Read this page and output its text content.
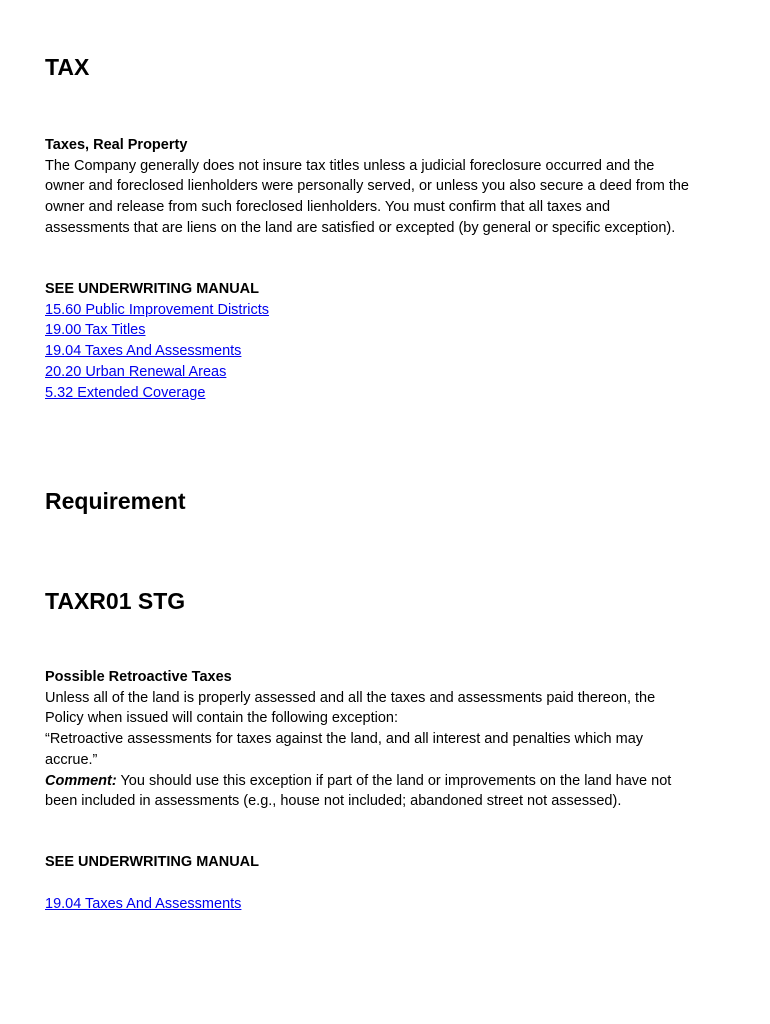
TAX
Taxes, Real Property
The Company generally does not insure tax titles unless a judicial foreclosure occurred and the
owner and foreclosed lienholders were personally served, or unless you also secure a deed from the
owner and release from such foreclosed lienholders. You must confirm that all taxes and
assessments that are liens on the land are satisfied or excepted (by general or specific exception).
SEE UNDERWRITING MANUAL
15.60 Public Improvement Districts
19.00 Tax Titles
19.04 Taxes And Assessments
20.20 Urban Renewal Areas
5.32 Extended Coverage
Requirement
TAXR01 STG
Possible Retroactive Taxes
Unless all of the land is properly assessed and all the taxes and assessments paid thereon, the
Policy when issued will contain the following exception:
“Retroactive assessments for taxes against the land, and all interest and penalties which may
accrue.”
Comment: You should use this exception if part of the land or improvements on the land have not
been included in assessments (e.g., house not included; abandoned street not assessed).
SEE UNDERWRITING MANUAL
19.04 Taxes And Assessments
